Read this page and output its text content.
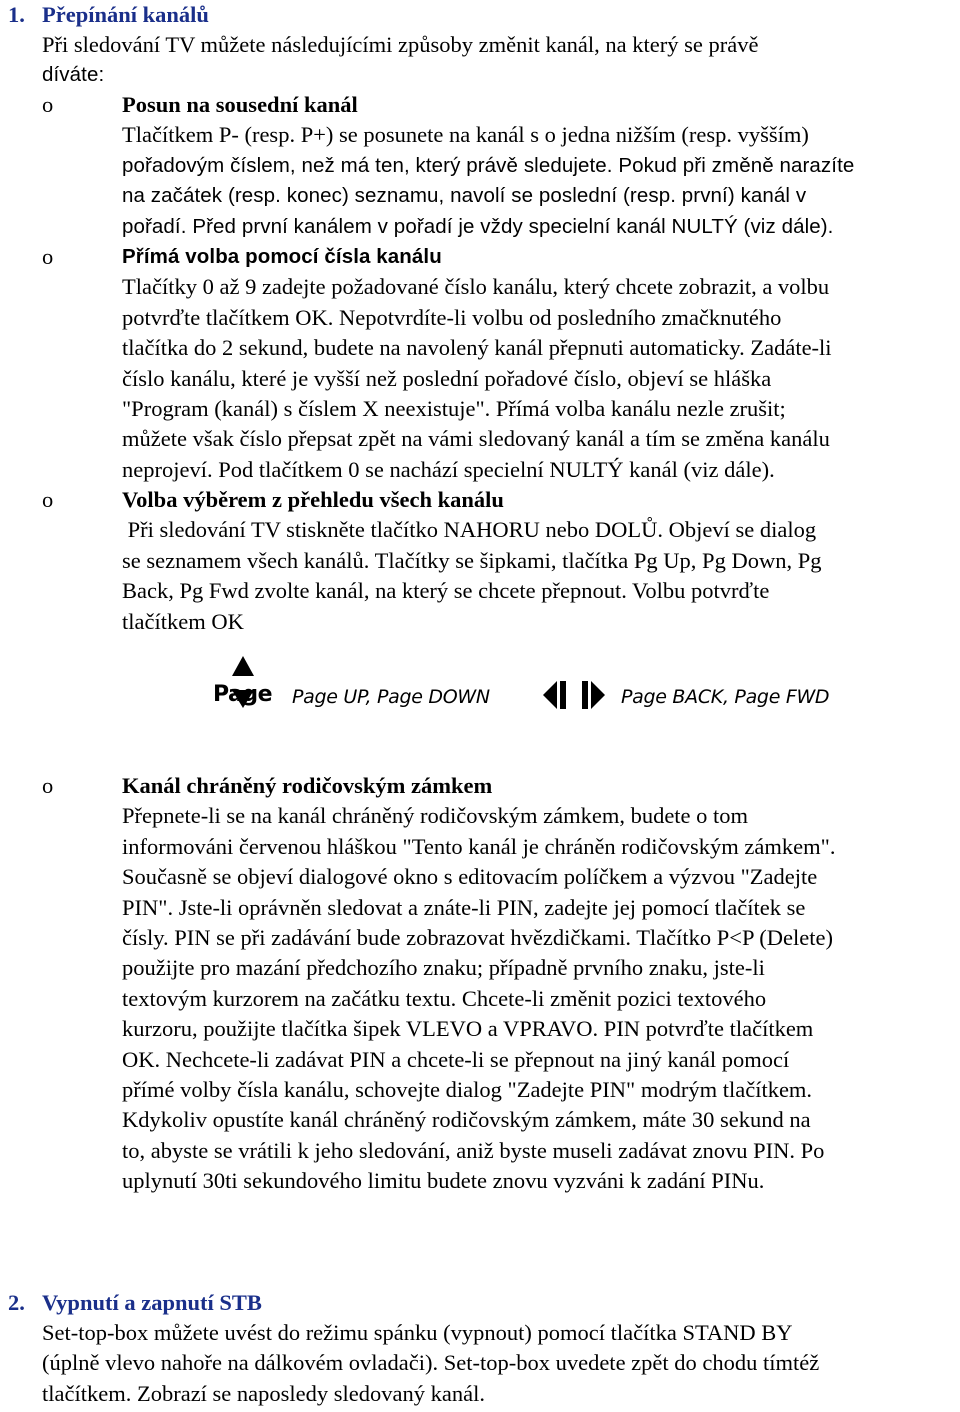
1. Přepínání kanálů
Při sledování TV můžete následujícími způsoby změnit kanál, na který se právě
díváte:
o	Posun na sousední kanál
Tlačítkem P- (resp. P+) se posunete na kanál s o jedna nižším (resp. vyšším)
pořadovým číslem, než má ten, který právě sledujete. Pokud při změně narazíte
na začátek (resp. konec) seznamu, navolí se poslední (resp. první) kanál v
pořadí. Před první kanálem v pořadí je vždy specielní kanál NULTÝ (viz dále).
o	Přímá volba pomocí čísla kanálu
Tlačítky 0 až 9 zadejte požadované číslo kanálu, který chcete zobrazit, a volbu
potvrďte tlačítkem OK. Nepotvrdíte-li volbu od posledního zmačknutého
tlačítka do 2 sekund, budete na navolený kanál přepnuti automaticky. Zadáte-li
číslo kanálu, které je vyšší než poslední pořadové číslo, objeví se hláška
"Program (kanál) s číslem X neexistuje". Přímá volba kanálu nezle zrušit;
můžete však číslo přepsat zpět na vámi sledovaný kanál a tím se změna kanálu
neprojeví. Pod tlačítkem 0 se nachází specielní NULTÝ kanál (viz dále).
o	Volba výběrem z přehledu všech kanálu
Při sledování TV stiskněte tlačítko NAHORU nebo DOLŮ. Objeví se dialog
se seznamem všech kanálů. Tlačítky se šipkami, tlačítka Pg Up, Pg Down, Pg
Back, Pg Fwd zvolte kanál, na který se chcete přepnout. Volbu potvrďte
tlačítkem OK
Page Page UP, Page DOWN	Page BACK, Page FWD
o	Kanál chráněný rodičovským zámkem
Přepnete-li se na kanál chráněný rodičovským zámkem, budete o tom
informováni červenou hláškou "Tento kanál je chráněn rodičovským zámkem".
Současně se objeví dialogové okno s editovacím políčkem a výzvou "Zadejte
PIN". Jste-li oprávněn sledovat a znáte-li PIN, zadejte jej pomocí tlačítek se
čísly. PIN se při zadávání bude zobrazovat hvězdičkami. Tlačítko P<P (Delete)
použijte pro mazání předchozího znaku; případně prvního znaku, jste-li
textovým kurzorem na začátku textu. Chcete-li změnit pozici textového
kurzoru, použijte tlačítka šipek VLEVO a VPRAVO. PIN potvrďte tlačítkem
OK. Nechcete-li zadávat PIN a chcete-li se přepnout na jiný kanál pomocí
přímé volby čísla kanálu, schovejte dialog "Zadejte PIN" modrým tlačítkem.
Kdykoliv opustíte kanál chráněný rodičovským zámkem, máte 30 sekund na
to, abyste se vrátili k jeho sledování, aniž byste museli zadávat znovu PIN. Po
uplynutí 30ti sekundového limitu budete znovu vyzváni k zadání PINu.
2. Vypnutí a zapnutí STB
Set-top-box můžete uvést do režimu spánku (vypnout) pomocí tlačítka STAND BY
(úplně vlevo nahoře na dálkovém ovladači). Set-top-box uvedete zpět do chodu tímtéž
tlačítkem. Zobrazí se naposledy sledovaný kanál.
